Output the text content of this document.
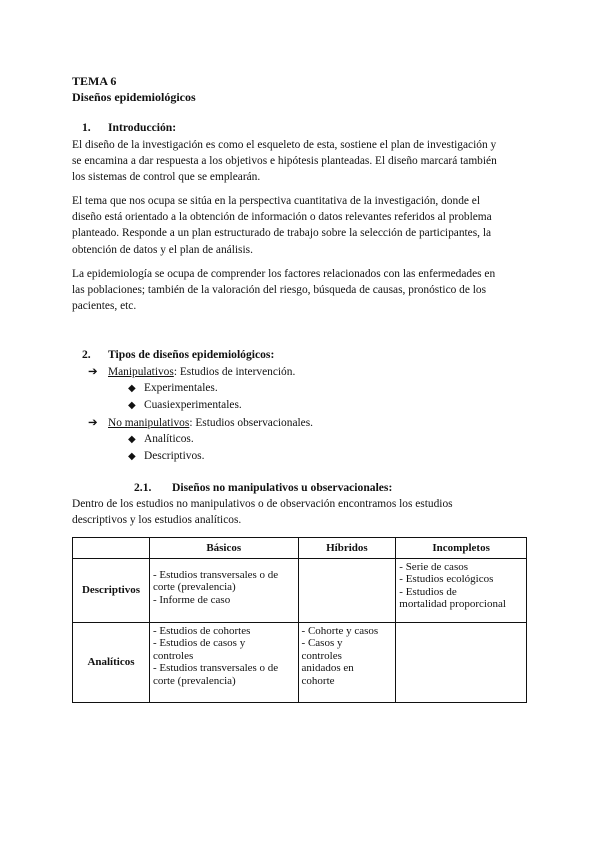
TEMA 6
Diseños epidemiológicos
1. Introducción:
El diseño de la investigación es como el esqueleto de esta, sostiene el plan de investigación y
se encamina a dar respuesta a los objetivos e hipótesis planteadas. El diseño marcará también
los sistemas de control que se emplearán.
El tema que nos ocupa se sitúa en la perspectiva cuantitativa de la investigación, donde el
diseño está orientado a la obtención de información o datos relevantes referidos al problema
planteado. Responde a un plan estructurado de trabajo sobre la selección de participantes, la
obtención de datos y el plan de análisis.
La epidemiología se ocupa de comprender los factores relacionados con las enfermedades en
las poblaciones; también de la valoración del riesgo, búsqueda de causas, pronóstico de los
pacientes, etc.
2. Tipos de diseños epidemiológicos:
➔ Manipulativos: Estudios de intervención.
◆ Experimentales.
◆ Cuasiexperimentales.
➔ No manipulativos: Estudios observacionales.
◆ Analíticos.
◆ Descriptivos.
2.1. Diseños no manipulativos u observacionales:
Dentro de los estudios no manipulativos o de observación encontramos los estudios
descriptivos y los estudios analíticos.
	Básicos	Híbridos	Incompletos
Descriptivos	- Estudios transversales o de
corte (prevalencia)
- Informe de caso		- Serie de casos
- Estudios ecológicos
- Estudios de
mortalidad proporcional

Analíticos	- Estudios de cohortes
- Estudios de casos y
controles
- Estudios transversales o de
corte (prevalencia)	- Cohorte y casos
- Casos y
controles
anidados en
cohorte	
